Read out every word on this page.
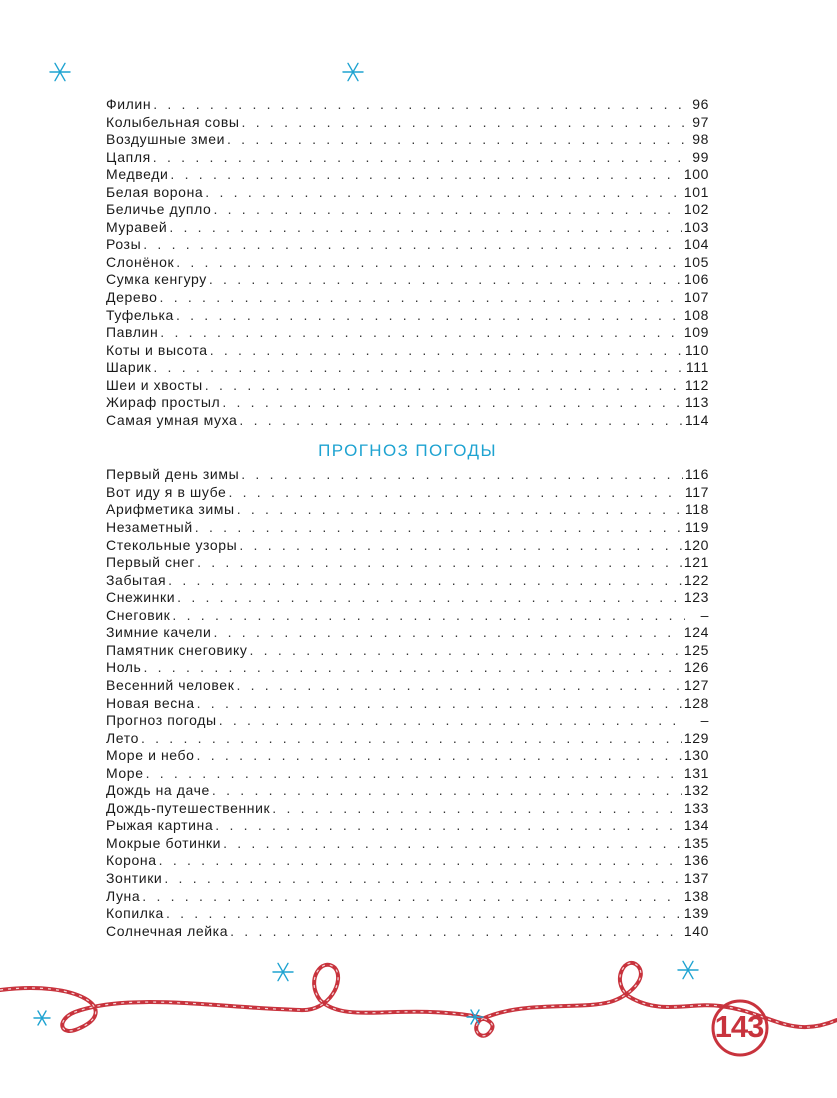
Филин . . .	96
Колыбельная совы . . .	97
Воздушные змеи . . .	98
Цапля . . .	99
Медведи . . .	100
Белая ворона . . .	101
Беличье дупло . . .	102
Муравей . . .	103
Розы . . .	104
Слонёнок . . .	105
Сумка кенгуру . . .	106
Дерево . . .	107
Туфелька . . .	108
Павлин . . .	109
Коты и высота . . .	110
Шарик . . .	111
Шеи и хвосты . . .	112
Жираф простыл . . .	113
Самая умная муха . . .	114
ПРОГНОЗ ПОГОДЫ
Первый день зимы . . .	116
Вот иду я в шубе . . .	117
Арифметика зимы . . .	118
Незаметный . . .	119
Стекольные узоры . . .	120
Первый снег . . .	121
Забытая . . .	122
Снежинки . . .	123
Снеговик . . .	–
Зимние качели . . .	124
Памятник снеговику . . .	125
Ноль . . .	126
Весенний человек . . .	127
Новая весна . . .	128
Прогноз погоды . . .	–
Лето . . .	129
Море и небо . . .	130
Море . . .	131
Дождь на даче . . .	132
Дождь-путешественник . . .	133
Рыжая картина . . .	134
Мокрые ботинки . . .	135
Корона . . .	136
Зонтики . . .	137
Луна . . .	138
Копилка . . .	139
Солнечная лейка . . .	140
143
